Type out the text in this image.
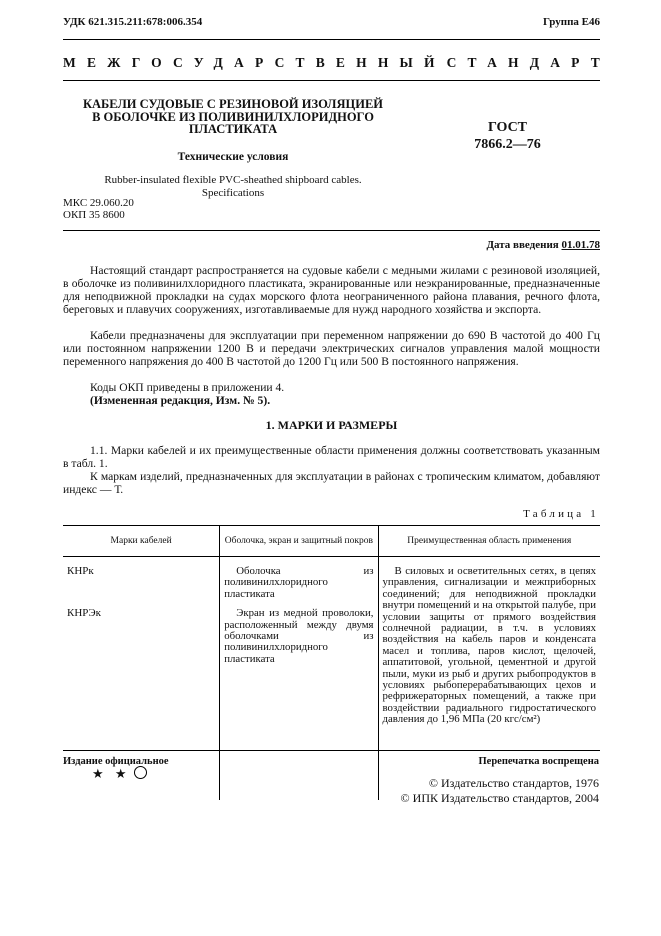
УДК 621.315.211:678:006.354	Группа Е46
МЕЖГОСУДАРСТВЕННЫЙ СТАНДАРТ
КАБЕЛИ СУДОВЫЕ С РЕЗИНОВОЙ ИЗОЛЯЦИЕЙ
В ОБОЛОЧКЕ ИЗ ПОЛИВИНИЛХЛОРИДНОГО
ПЛАСТИКАТА	ГОСТ
7866.2—76
Технические условия
Rubber-insulated flexible PVC-sheathed shipboard cables.
Specifications
МКС 29.060.20
ОКП 35 8600
Дата введения 01.01.78

Настоящий стандарт распространяется на судовые кабели с медными жилами с резиновой изоляцией, в оболочке из поливинилхлоридного пластиката, экранированные или неэкранированные, предназначенные для неподвижной прокладки на судах морского флота неограниченного района плавания, речного флота, береговых и плавучих сооружениях, изготавливаемые для нужд народного хозяйства и экспорта.

Кабели предназначены для эксплуатации при переменном напряжении до 690 В частотой до 400 Гц или постоянном напряжении 1200 В и передачи электрических сигналов управления малой мощности переменного напряжения до 400 В частотой до 1200 Гц или 500 В постоянного напряжения.

Коды ОКП приведены в приложении 4.

(Измененная редакция, Изм. № 5).

1. МАРКИ И РАЗМЕРЫ

1.1. Марки кабелей и их преимущественные области применения должны соответствовать указанным в табл. 1.

К маркам изделий, предназначенных для эксплуатации в районах с тропическим климатом, добавляют индекс — Т.

Таблица 1
Марки кабелей	Оболочка, экран и защитный покров	Преимущественная область применения
КНРк	Оболочка из поливинилхлоридного пластиката	В силовых и осветительных сетях, в цепях управления, сигнализации и межприборных соединений; для неподвижной прокладки внутри помещений и на открытой палубе, при условии защиты от прямого воздействия солнечной радиации, в т.ч. в условиях воздействия на кабель паров и конденсата масел и топлива, паров кислот, щелочей, аппатитовой, угольной, цементной и другой пыли, муки из рыб и других рыбопродуктов в условиях рыбоперерабатывающих цехов и рефрижераторных помещений, а также при воздействии радиального гидростатического давления до 1,96 МПа (20 кгс/см²)
КНРЭк	Экран из медной проволоки, расположенный между двумя оболочками из поливинилхлоридного пластиката	
Издание официальное	Перепечатка воспрещена
★ ★
© Издательство стандартов, 1976
© ИПК Издательство стандартов, 2004
